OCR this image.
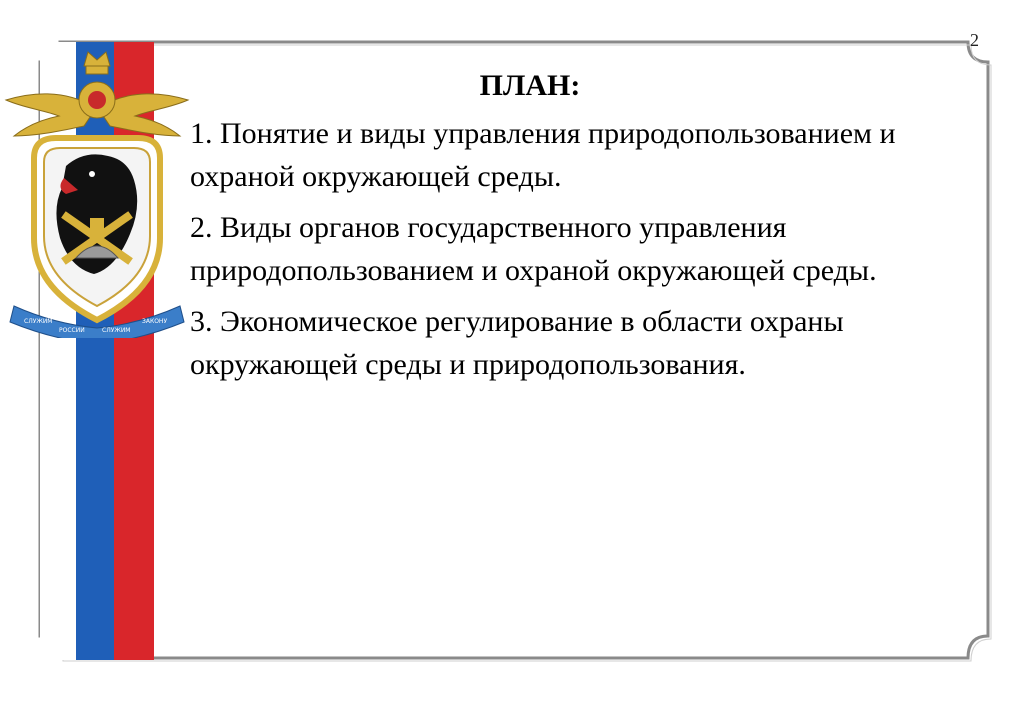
СЛУЖИМ
РОССИИ	СЛУЖИМ
ЗАКОНУ
2
ПЛАН:

1. Понятие и виды управления природопользованием и охраной окружающей среды.

2. Виды органов государственного управления природопользованием и охраной окружающей среды.

3. Экономическое регулирование в области охраны окружающей среды и природопользования.
